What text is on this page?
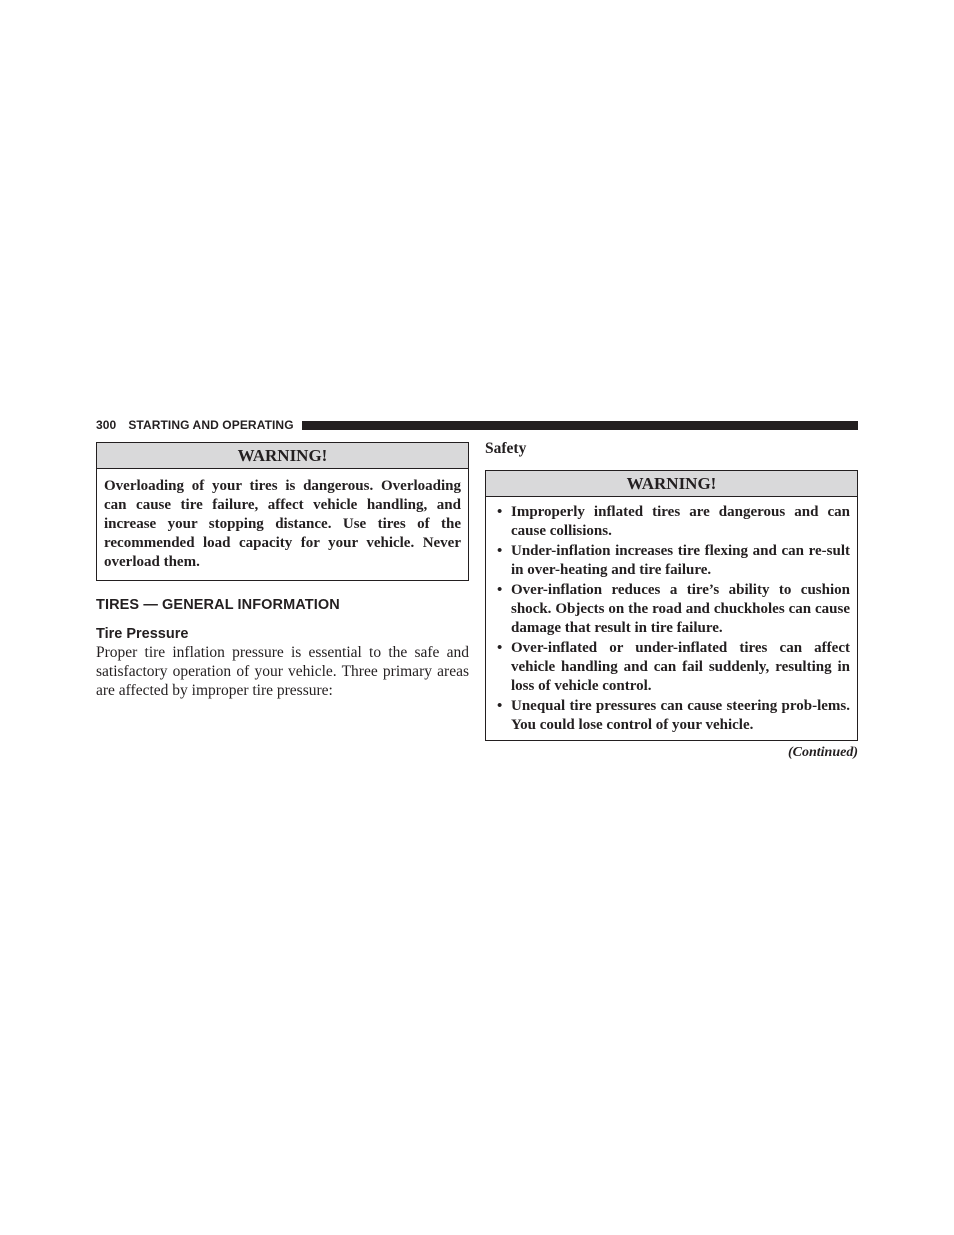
300 STARTING AND OPERATING
WARNING!
Overloading of your tires is dangerous. Overloading can cause tire failure, affect vehicle handling, and increase your stopping distance. Use tires of the recommended load capacity for your vehicle. Never overload them.
TIRES — GENERAL INFORMATION
Tire Pressure
Proper tire inflation pressure is essential to the safe and satisfactory operation of your vehicle. Three primary areas are affected by improper tire pressure:
Safety
WARNING!
• Improperly inflated tires are dangerous and can cause collisions.
• Under-inflation increases tire flexing and can re-sult in over-heating and tire failure.
• Over-inflation reduces a tire’s ability to cushion shock. Objects on the road and chuckholes can cause damage that result in tire failure.
• Over-inflated or under-inflated tires can affect vehicle handling and can fail suddenly, resulting in loss of vehicle control.
• Unequal tire pressures can cause steering prob-lems. You could lose control of your vehicle.
(Continued)
